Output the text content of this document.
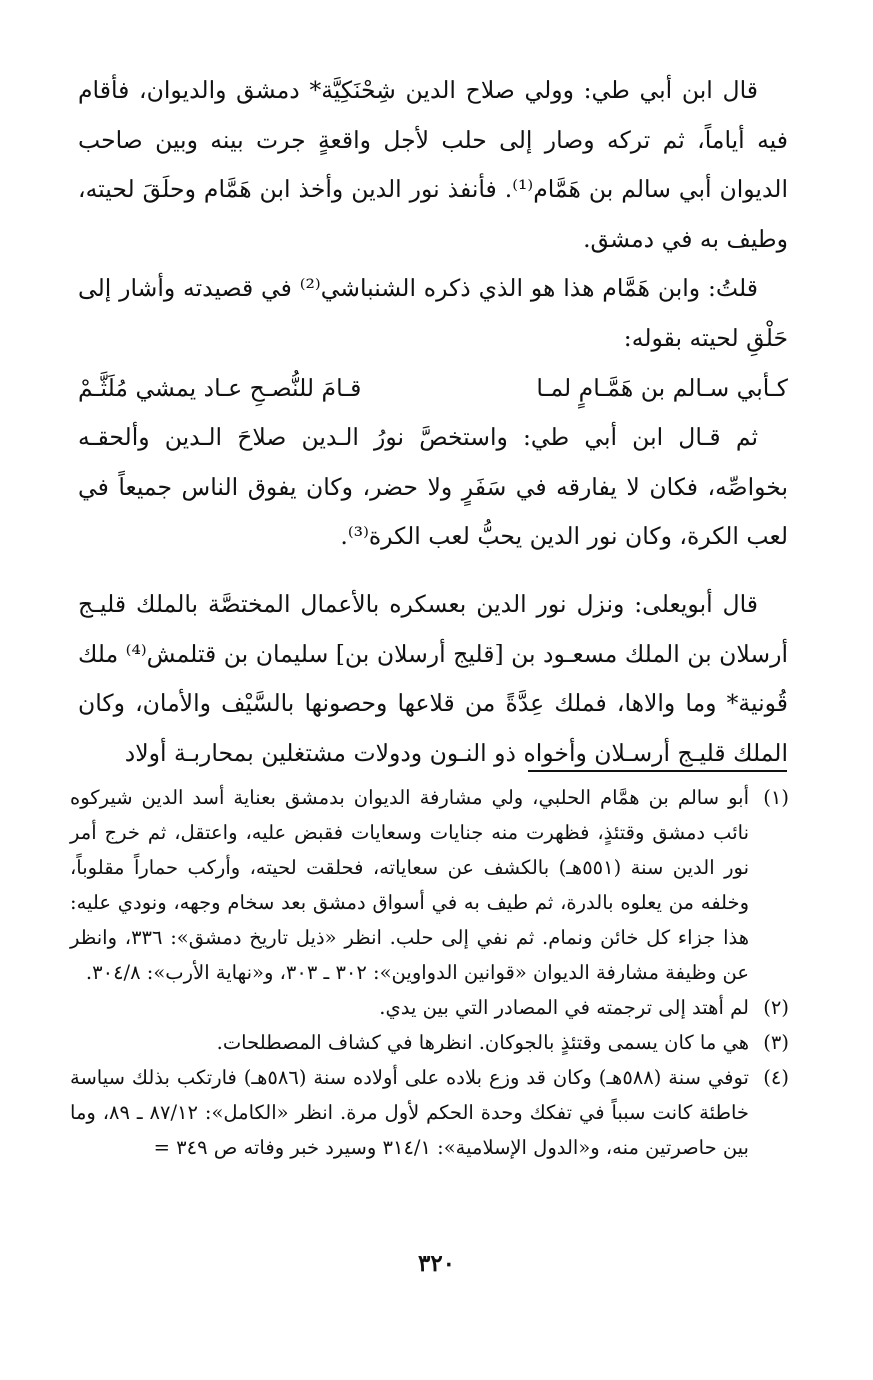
قال ابن أبي طي: وولي صلاح الدين شِحْنَكِيَّة* دمشق والديوان، فأقام فيه أياماً، ثم تركه وصار إلى حلب لأجل واقعةٍ جرت بينه وبين صاحب الديوان أبي سالم بن هَمَّام⁽¹⁾. فأنفذ نور الدين وأخذ ابن هَمَّام وحلَقَ لحيته، وطيف به في دمشق.

قلتُ: وابن هَمَّام هذا هو الذي ذكره الشنباشي⁽²⁾ في قصيدته وأشار إلى حَلْقِ لحيته بقوله:

كـأبي سـالم بن هَمَّـامٍ لمـا
قـامَ للنُّصـحِ عـاد يمشي مُلَثَّـمْ

ثم قـال ابن أبي طي: واستخصَّ نورُ الـدين صلاحَ الـدين وألحقـه بخواصِّه، فكان لا يفارقه في سَفَرٍ ولا حضر، وكان يفوق الناس جميعاً في لعب الكرة، وكان نور الدين يحبُّ لعب الكرة⁽³⁾.

قال أبويعلى: ونزل نور الدين بعسكره بالأعمال المختصَّة بالملك قليـج أرسلان بن الملك مسعـود بن [قليج أرسلان بن] سليمان بن قتلمش⁽⁴⁾ ملك قُونية* وما والاها، فملك عِدَّةً من قلاعها وحصونها بالسَّيْف والأمان، وكان الملك قليـج أرسـلان وأخواه ذو النـون ودولات مشتغلين بمحاربـة أولاد

(١)
أبو سالم بن همَّام الحلبي، ولي مشارفة الديوان بدمشق بعناية أسد الدين شيركوه نائب دمشق وقتئذٍ، فظهرت منه جنايات وسعايات فقبض عليه، واعتقل، ثم خرج أمر نور الدين سنة (٥٥١هـ) بالكشف عن سعاياته، فحلقت لحيته، وأركب حماراً مقلوباً، وخلفه من يعلوه بالدرة، ثم طيف به في أسواق دمشق بعد سخام وجهه، ونودي عليه: هذا جزاء كل خائن ونمام. ثم نفي إلى حلب. انظر «ذيل تاريخ دمشق»: ٣٣٦، وانظر عن وظيفة مشارفة الديوان «قوانين الدواوين»: ٣٠٢ ـ ٣٠٣، و«نهاية الأرب»: ٣٠٤/٨.
(٢)
لم أهتد إلى ترجمته في المصادر التي بين يدي.
(٣)
هي ما كان يسمى وقتئذٍ بالجوكان. انظرها في كشاف المصطلحات.
(٤)
توفي سنة (٥٨٨هـ) وكان قد وزع بلاده على أولاده سنة (٥٨٦هـ) فارتكب بذلك سياسة خاطئة كانت سبباً في تفكك وحدة الحكم لأول مرة. انظر «الكامل»: ٨٧/١٢ ـ ٨٩، وما بين حاصرتين منه، و«الدول الإسلامية»: ٣١٤/١ وسيرد خبر وفاته ص ٣٤٩ =
٣٢٠
